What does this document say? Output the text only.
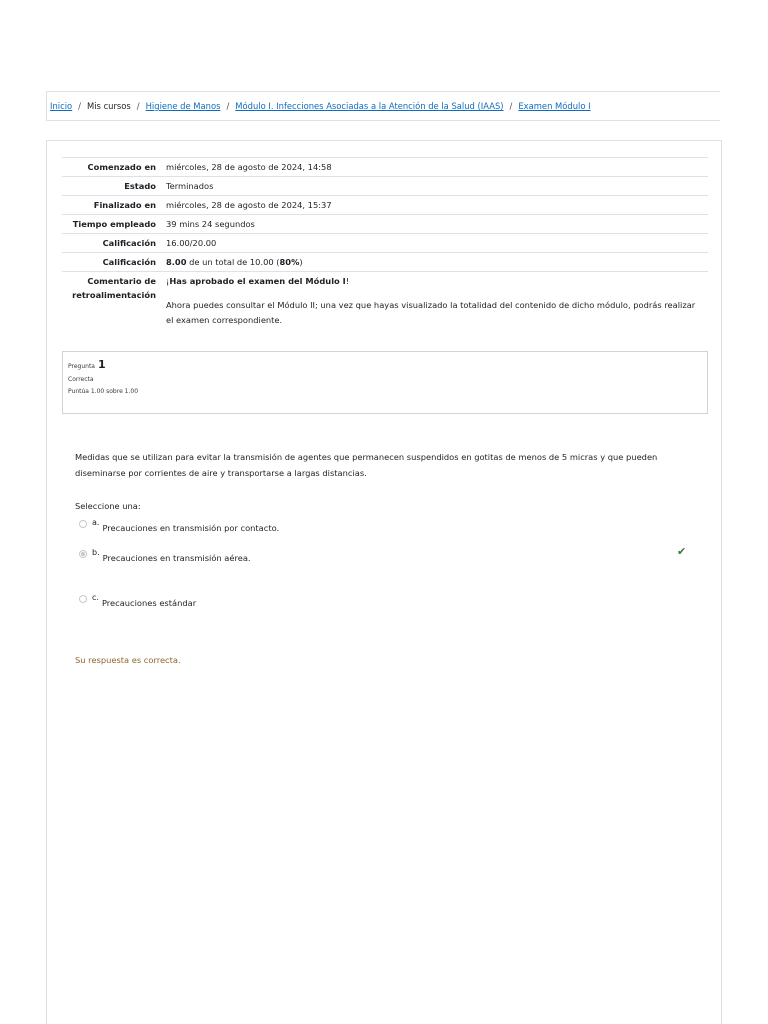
Inicio / Mis cursos / Higiene de Manos / Módulo I. Infecciones Asociadas a la Atención de la Salud (IAAS) / Examen Módulo I
Comenzado en	miércoles, 28 de agosto de 2024, 14:58
Estado	Terminados
Finalizado en	miércoles, 28 de agosto de 2024, 15:37
Tiempo empleado	39 mins 24 segundos
Calificación	16.00/20.00
Calificación	8.00 de un total de 10.00 (80%)
Comentario de retroalimentación	¡Has aprobado el examen del Módulo I!

Ahora puedes consultar el Módulo II; una vez que hayas visualizado la totalidad del contenido de dicho módulo, podrás realizar el examen correspondiente.

Pregunta 1
Correcta
Puntúa 1.00 sobre 1.00
Medidas que se utilizan para evitar la transmisión de agentes que permanecen suspendidos en gotitas de menos de 5 micras y que pueden diseminarse por corrientes de aire y transportarse a largas distancias.
Seleccione una:
a.
Precauciones en transmisión por contacto.
b.
Precauciones en transmisión aérea.
c.
Precauciones estándar
✔
Su respuesta es correcta.
